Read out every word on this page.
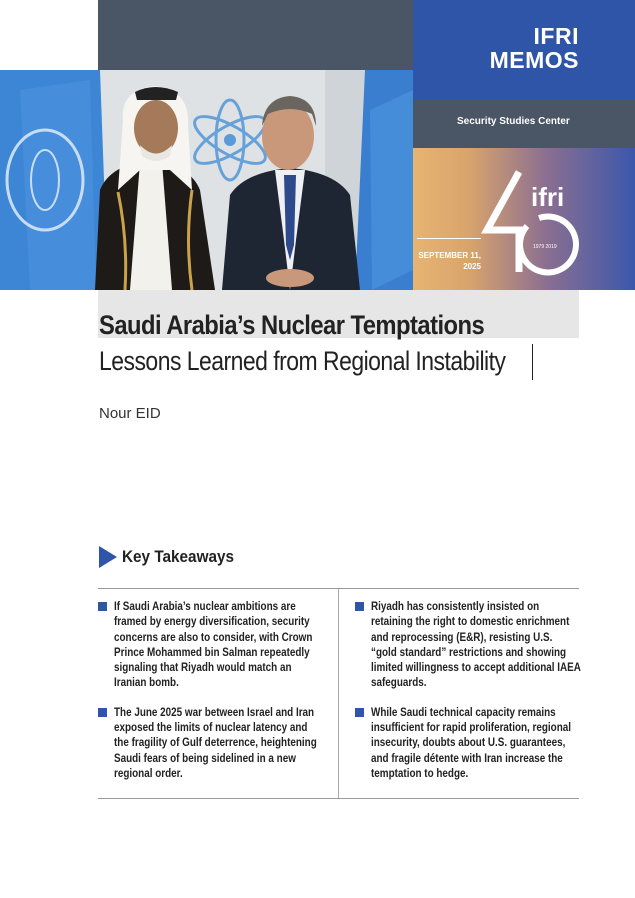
IFRI
MEMOS
Security Studies Center
SEPTEMBER 11,
2025
ifri
1979 2019
Saudi Arabia’s Nuclear Temptations
Lessons Learned from Regional Instability
Nour EID
Key Takeaways
If Saudi Arabia’s nuclear ambitions are framed by energy diversification, security concerns are also to consider, with Crown Prince Mohammed bin Salman repeatedly signaling that Riyadh would match an Iranian bomb.
The June 2025 war between Israel and Iran exposed the limits of nuclear latency and the fragility of Gulf deterrence, heightening Saudi fears of being sidelined in a new regional order.
Riyadh has consistently insisted on retaining the right to domestic enrichment and reprocessing (E&R), resisting U.S. “gold standard” restrictions and showing limited willingness to accept additional IAEA safeguards.
While Saudi technical capacity remains insufficient for rapid proliferation, regional insecurity, doubts about U.S. guarantees, and fragile détente with Iran increase the temptation to hedge.
